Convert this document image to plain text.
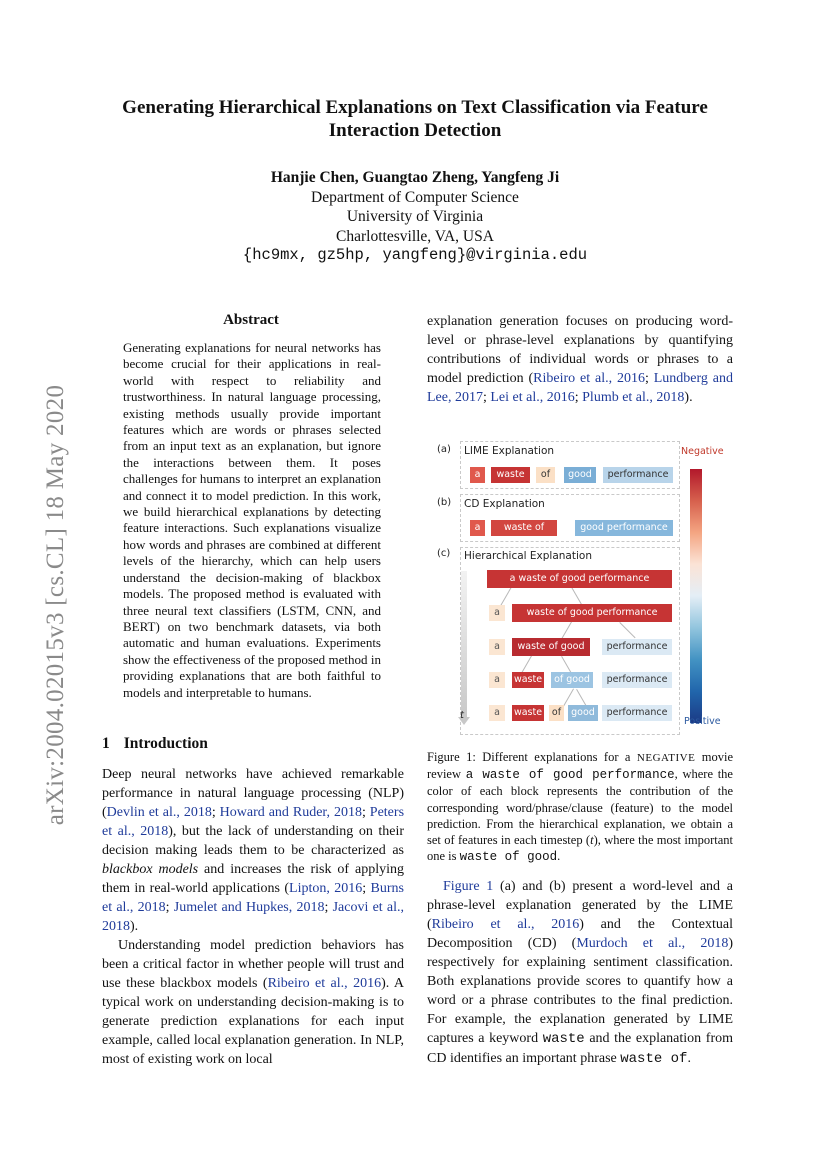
arXiv:2004.02015v3 [cs.CL] 18 May 2020
Generating Hierarchical Explanations on Text Classification via Feature Interaction Detection
Hanjie Chen, Guangtao Zheng, Yangfeng Ji
Department of Computer Science
University of Virginia
Charlottesville, VA, USA
{hc9mx, gz5hp, yangfeng}@virginia.edu
Abstract
Generating explanations for neural networks has become crucial for their applications in real-world with respect to reliability and trustworthiness. In natural language processing, existing methods usually provide important features which are words or phrases selected from an input text as an explanation, but ignore the interactions between them. It poses challenges for humans to interpret an explanation and connect it to model prediction. In this work, we build hierarchical explanations by detecting feature interactions. Such explanations visualize how words and phrases are combined at different levels of the hierarchy, which can help users understand the decision-making of blackbox models. The proposed method is evaluated with three neural text classifiers (LSTM, CNN, and BERT) on two benchmark datasets, via both automatic and human evaluations. Experiments show the effectiveness of the proposed method in providing explanations that are both faithful to models and interpretable to humans.
1 Introduction

Deep neural networks have achieved remarkable performance in natural language processing (NLP) (Devlin et al., 2018; Howard and Ruder, 2018; Peters et al., 2018), but the lack of understanding on their decision making leads them to be characterized as blackbox models and increases the risk of applying them in real-world applications (Lipton, 2016; Burns et al., 2018; Jumelet and Hupkes, 2018; Jacovi et al., 2018).

Understanding model prediction behaviors has been a critical factor in whether people will trust and use these blackbox models (Ribeiro et al., 2016). A typical work on understanding decision-making is to generate prediction explanations for each input example, called local explanation generation. In NLP, most of existing work on local

explanation generation focuses on producing word-level or phrase-level explanations by quantifying contributions of individual words or phrases to a model prediction (Ribeiro et al., 2016; Lundberg and Lee, 2017; Lei et al., 2016; Plumb et al., 2018).

(a) LIME Explanation
a	waste	of	good	performance
(b) CD Explanation
a	waste of	good performance
(c) Hierarchical Explanation
t
a waste of good performance
a	waste of good performance
a	waste of good	performance
a	waste	of good	performance
a	waste	of	good	performance
Negative
Positive
Figure 1: Different explanations for a NEGATIVE movie review a waste of good performance, where the color of each block represents the contribution of the corresponding word/phrase/clause (feature) to the model prediction. From the hierarchical explanation, we obtain a set of features in each timestep (t), where the most important one is waste of good.

Figure 1 (a) and (b) present a word-level and a phrase-level explanation generated by the LIME (Ribeiro et al., 2016) and the Contextual Decomposition (CD) (Murdoch et al., 2018) respectively for explaining sentiment classification. Both explanations provide scores to quantify how a word or a phrase contributes to the final prediction. For example, the explanation generated by LIME captures a keyword waste and the explanation from CD identifies an important phrase waste of.
